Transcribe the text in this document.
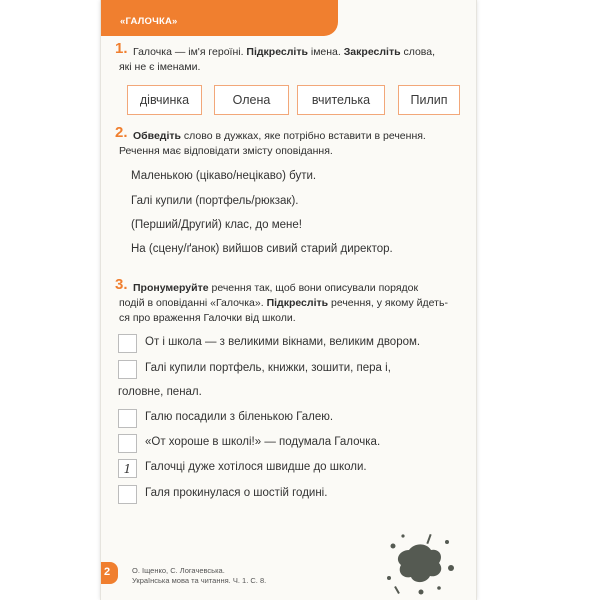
«ГАЛОЧКА»
1. Галочка — ім'я героїні. Підкресліть імена. Закресліть слова,
які не є іменами.
дівчинка	Олена	вчителька	Пилип
2. Обведіть слово в дужках, яке потрібно вставити в речення.
Речення має відповідати змісту оповідання.
Маленькою (цікаво/нецікаво) бути.
Галі купили (портфель/рюкзак).
(Перший/Другий) клас, до мене!
На (сцену/ґанок) вийшов сивий старий директор.
3. Пронумеруйте речення так, щоб вони описували порядок
подій в оповіданні «Галочка». Підкресліть речення, у якому йдеть-
ся про враження Галочки від школи.
От і школа — з великими вікнами, великим двором.
Галі купили портфель, книжки, зошити, пера і,
головне, пенал.
Галю посадили з біленькою Галею.
«От хороше в школі!» — подумала Галочка.
1	Галочці дуже хотілося швидше до школи.
Галя прокинулася о шостій годині.
2	О. Іщенко, С. Логачевська.
Українська мова та читання. Ч. 1. С. 8.
